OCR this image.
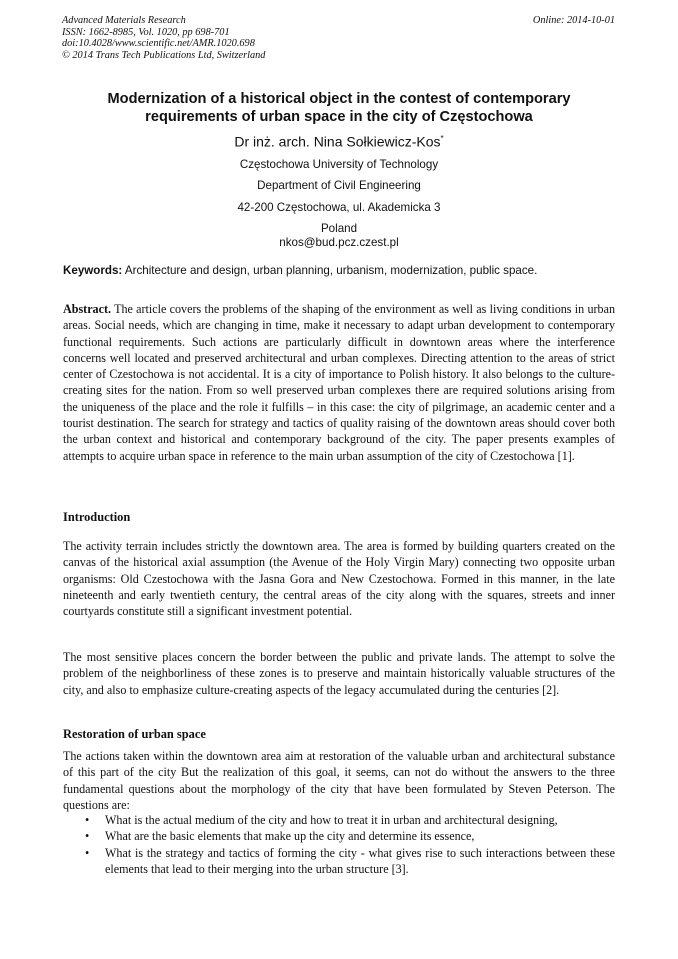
Advanced Materials Research
ISSN: 1662-8985, Vol. 1020, pp 698-701
doi:10.4028/www.scientific.net/AMR.1020.698
© 2014 Trans Tech Publications Ltd, Switzerland
Online: 2014-10-01
Modernization of a historical object in the contest of contemporary requirements of urban space in the city of Częstochowa
Dr inż. arch. Nina Sołkiewicz-Kos*
Częstochowa University of Technology
Department of Civil Engineering
42-200 Częstochowa, ul. Akademicka 3
Poland
nkos@bud.pcz.czest.pl
Keywords: Architecture and design, urban planning, urbanism, modernization, public space.
Abstract. The article covers the problems of the shaping of the environment as well as living conditions in urban areas. Social needs, which are changing in time, make it necessary to adapt urban development to contemporary functional requirements. Such actions are particularly difficult in downtown areas where the interference concerns well located and preserved architectural and urban complexes. Directing attention to the areas of strict center of Czestochowa is not accidental. It is a city of importance to Polish history. It also belongs to the culture-creating sites for the nation. From so well preserved urban complexes there are required solutions arising from the uniqueness of the place and the role it fulfills – in this case: the city of pilgrimage, an academic center and a tourist destination. The search for strategy and tactics of quality raising of the downtown areas should cover both the urban context and historical and contemporary background of the city. The paper presents examples of attempts to acquire urban space in reference to the main urban assumption of the city of Czestochowa [1].
Introduction
The activity terrain includes strictly the downtown area. The area is formed by building quarters created on the canvas of the historical axial assumption (the Avenue of the Holy Virgin Mary) connecting two opposite urban organisms: Old Czestochowa with the Jasna Gora and New Czestochowa. Formed in this manner, in the late nineteenth and early twentieth century, the central areas of the city along with the squares, streets and inner courtyards constitute still a significant investment potential.
The most sensitive places concern the border between the public and private lands. The attempt to solve the problem of the neighborliness of these zones is to preserve and maintain historically valuable structures of the city, and also to emphasize culture-creating aspects of the legacy accumulated during the centuries [2].
Restoration of urban space
The actions taken within the downtown area aim at restoration of the valuable urban and architectural substance of this part of the city But the realization of this goal, it seems, can not do without the answers to the three fundamental questions about the morphology of the city that have been formulated by Steven Peterson. The questions are:
• What is the actual medium of the city and how to treat it in urban and architectural designing,
• What are the basic elements that make up the city and determine its essence,
• What is the strategy and tactics of forming the city - what gives rise to such interactions between these elements that lead to their merging into the urban structure [3].
